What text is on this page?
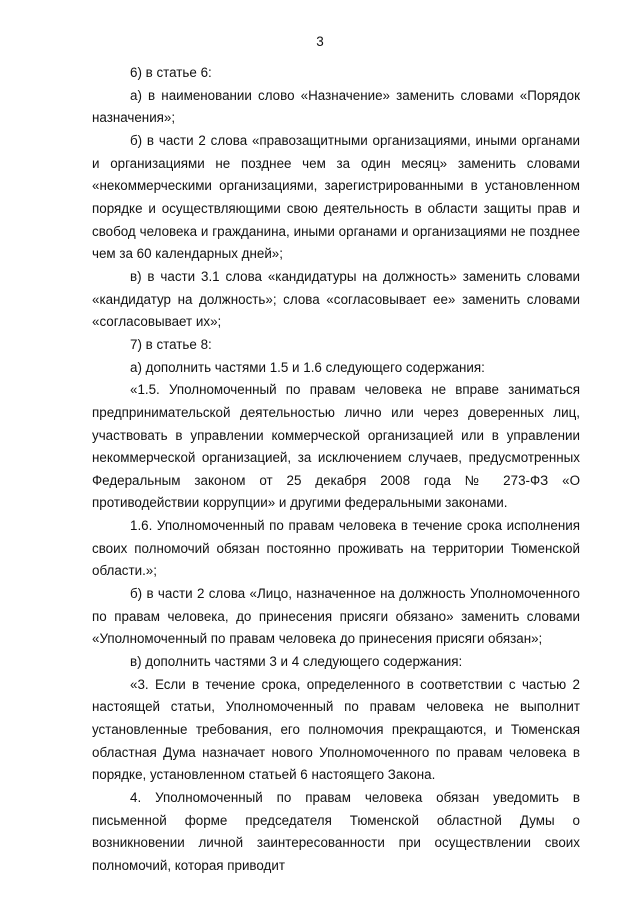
3

6) в статье 6:

а) в наименовании слово «Назначение» заменить словами «Порядок назначения»;

б) в части 2 слова «правозащитными организациями, иными органами и организациями не позднее чем за один месяц» заменить словами «некоммерческими организациями, зарегистрированными в установленном порядке и осуществляющими свою деятельность в области защиты прав и свобод человека и гражданина, иными органами и организациями не позднее чем за 60 календарных дней»;

в) в части 3.1 слова «кандидатуры на должность» заменить словами «кандидатур на должность»; слова «согласовывает ее» заменить словами «согласовывает их»;

7) в статье 8:

а) дополнить частями 1.5 и 1.6 следующего содержания:

«1.5. Уполномоченный по правам человека не вправе заниматься предпринимательской деятельностью лично или через доверенных лиц, участвовать в управлении коммерческой организацией или в управлении некоммерческой организацией, за исключением случаев, предусмотренных Федеральным законом от 25 декабря 2008 года № 273-ФЗ «О противодействии коррупции» и другими федеральными законами.

1.6. Уполномоченный по правам человека в течение срока исполнения своих полномочий обязан постоянно проживать на территории Тюменской области.»;

б) в части 2 слова «Лицо, назначенное на должность Уполномоченного по правам человека, до принесения присяги обязано» заменить словами «Уполномоченный по правам человека до принесения присяги обязан»;

в) дополнить частями 3 и 4 следующего содержания:

«3. Если в течение срока, определенного в соответствии с частью 2 настоящей статьи, Уполномоченный по правам человека не выполнит установленные требования, его полномочия прекращаются, и Тюменская областная Дума назначает нового Уполномоченного по правам человека в порядке, установленном статьей 6 настоящего Закона.

4. Уполномоченный по правам человека обязан уведомить в письменной форме председателя Тюменской областной Думы о возникновении личной заинтересованности при осуществлении своих полномочий, которая приводит
